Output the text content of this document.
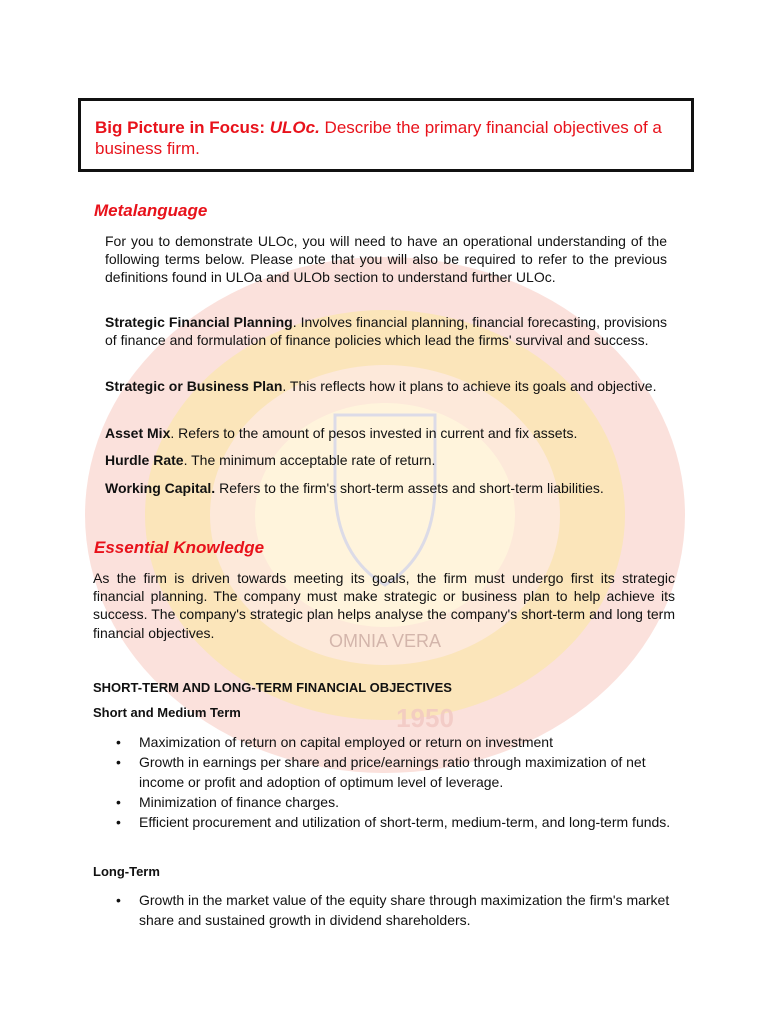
OMNIA VERA
1950

Big Picture in Focus: ULOc. Describe the primary financial objectives of a business firm.

Metalanguage

For you to demonstrate ULOc, you will need to have an operational understanding of the following terms below. Please note that you will also be required to refer to the previous definitions found in ULOa and ULOb section to understand further ULOc.

Strategic Financial Planning. Involves financial planning, financial forecasting, provisions of finance and formulation of finance policies which lead the firms' survival and success.

Strategic or Business Plan. This reflects how it plans to achieve its goals and objective.

Asset Mix. Refers to the amount of pesos invested in current and fix assets.

Hurdle Rate. The minimum acceptable rate of return.

Working Capital. Refers to the firm's short-term assets and short-term liabilities.

Essential Knowledge

As the firm is driven towards meeting its goals, the firm must undergo first its strategic financial planning. The company must make strategic or business plan to help achieve its success. The company's strategic plan helps analyse the company's short-term and long term financial objectives.

SHORT-TERM AND LONG-TERM FINANCIAL OBJECTIVES

Short and Medium Term

• Maximization of return on capital employed or return on investment
• Growth in earnings per share and price/earnings ratio through maximization of net income or profit and adoption of optimum level of leverage.
• Minimization of finance charges.
• Efficient procurement and utilization of short-term, medium-term, and long-term funds.

Long-Term

• Growth in the market value of the equity share through maximization the firm's market share and sustained growth in dividend shareholders.
